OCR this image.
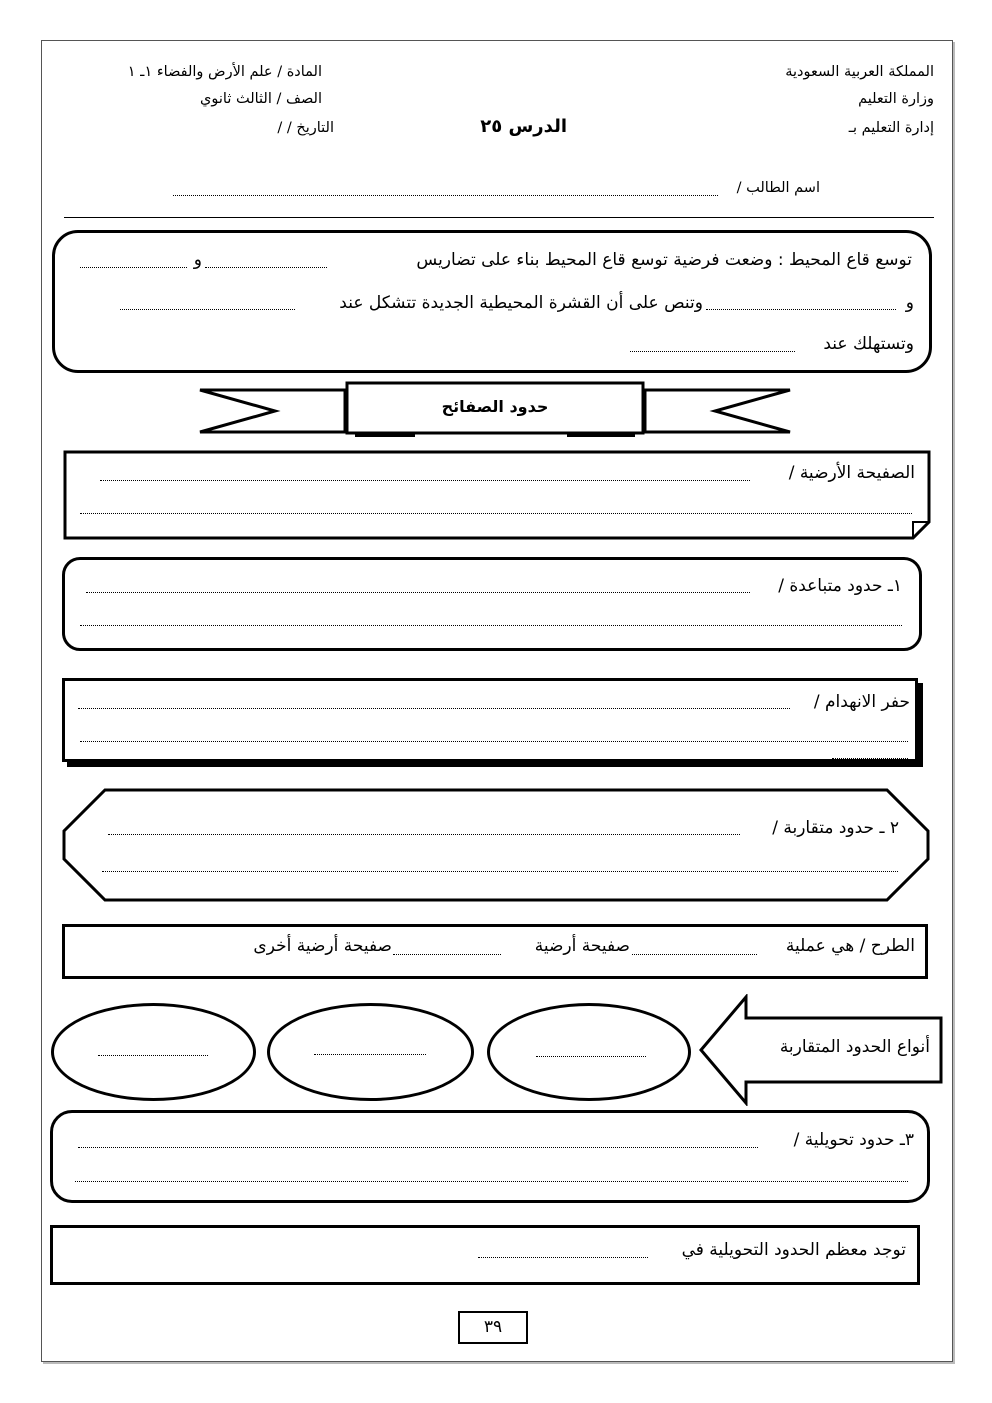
المملكة العربية السعودية
وزارة التعليم
إدارة التعليم بـ
المادة / علم الأرض والفضاء ١ـ ١
الصف / الثالث ثانوي
التاريخ / /	الدرس ٢٥
اسم الطالب /
توسع قاع المحيط : وضعت فرضية توسع قاع المحيط بناء على تضاريس
و
و
وتنص على أن القشرة المحيطية الجديدة تتشكل عند
وتستهلك عند
حدود الصفائح
الصفيحة الأرضية /
١ـ حدود متباعدة /
حفر الانهدام /
٢ ـ حدود متقاربة /
الطرح / هي عملية
صفيحة أرضية
صفيحة أرضية أخرى
أنواع الحدود المتقاربة
٣ـ حدود تحويلية /
توجد معظم الحدود التحويلية في
٣٩
